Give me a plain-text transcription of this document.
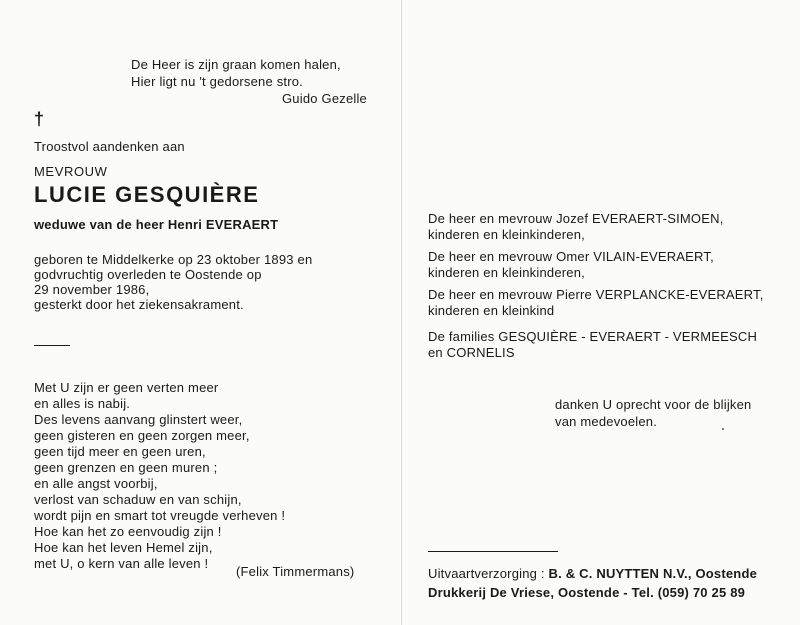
De Heer is zijn graan komen halen,
Hier ligt nu 't gedorsene stro.
Guido Gezelle
†
Troostvol aandenken aan
MEVROUW
LUCIE GESQUIÈRE
weduwe van de heer Henri EVERAERT
geboren te Middelkerke op 23 oktober 1893 en
godvruchtig overleden te Oostende op
29 november 1986,
gesterkt door het ziekensakrament.
Met U zijn er geen verten meer
en alles is nabij.
Des levens aanvang glinstert weer,
geen gisteren en geen zorgen meer,
geen tijd meer en geen uren,
geen grenzen en geen muren ;
en alle angst voorbij,
verlost van schaduw en van schijn,
wordt pijn en smart tot vreugde verheven !
Hoe kan het zo eenvoudig zijn !
Hoe kan het leven Hemel zijn,
met U, o kern van alle leven !
(Felix Timmermans)
De heer en mevrouw Jozef EVERAERT-SIMOEN,
kinderen en kleinkinderen,
De heer en mevrouw Omer VILAIN-EVERAERT,
kinderen en kleinkinderen,
De heer en mevrouw Pierre VERPLANCKE-EVERAERT,
kinderen en kleinkind
De families GESQUIÈRE - EVERAERT - VERMEESCH
en CORNELIS
danken U oprecht voor de blijken
van medevoelen.
Uitvaartverzorging : B. & C. NUYTTEN N.V., Oostende
Drukkerij De Vriese, Oostende - Tel. (059) 70 25 89
